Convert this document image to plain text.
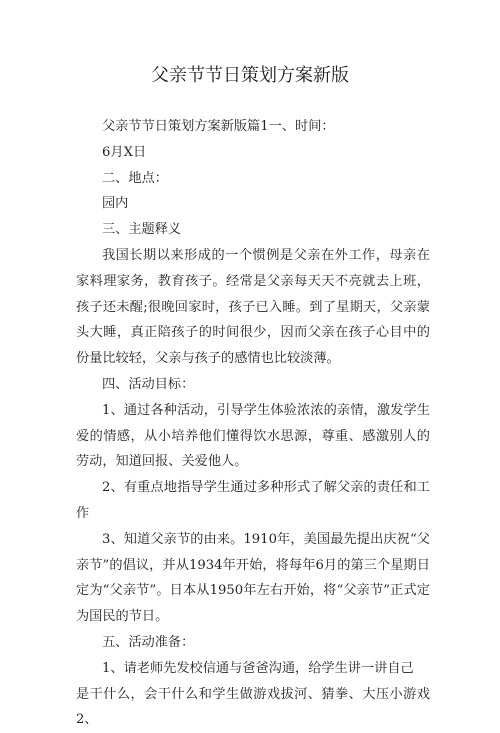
父亲节节日策划方案新版

父亲节节日策划方案新版篇1一、时间：

6月X日

二、地点：

园内

三、主题释义

我国长期以来形成的一个惯例是父亲在外工作，母亲在家料理家务，教育孩子。经常是父亲每天天不亮就去上班，孩子还未醒;很晚回家时，孩子已入睡。到了星期天，父亲蒙头大睡，真正陪孩子的时间很少，因而父亲在孩子心目中的份量比较轻，父亲与孩子的感情也比较淡薄。

四、活动目标：

1、通过各种活动，引导学生体验浓浓的亲情，激发学生爱的情感，从小培养他们懂得饮水思源，尊重、感激别人的劳动，知道回报、关爱他人。

2、有重点地指导学生通过多种形式了解父亲的责任和工作

3、知道父亲节的由来。1910年，美国最先提出庆祝“父亲节”的倡议，并从1934年开始，将每年6月的第三个星期日定为“父亲节”。日本从1950年左右开始，将“父亲节”正式定为国民的节日。

五、活动准备：

1、请老师先发校信通与爸爸沟通，给学生讲一讲自己

是干什么，会干什么和学生做游戏拔河、猜拳、大压小游戏2、
